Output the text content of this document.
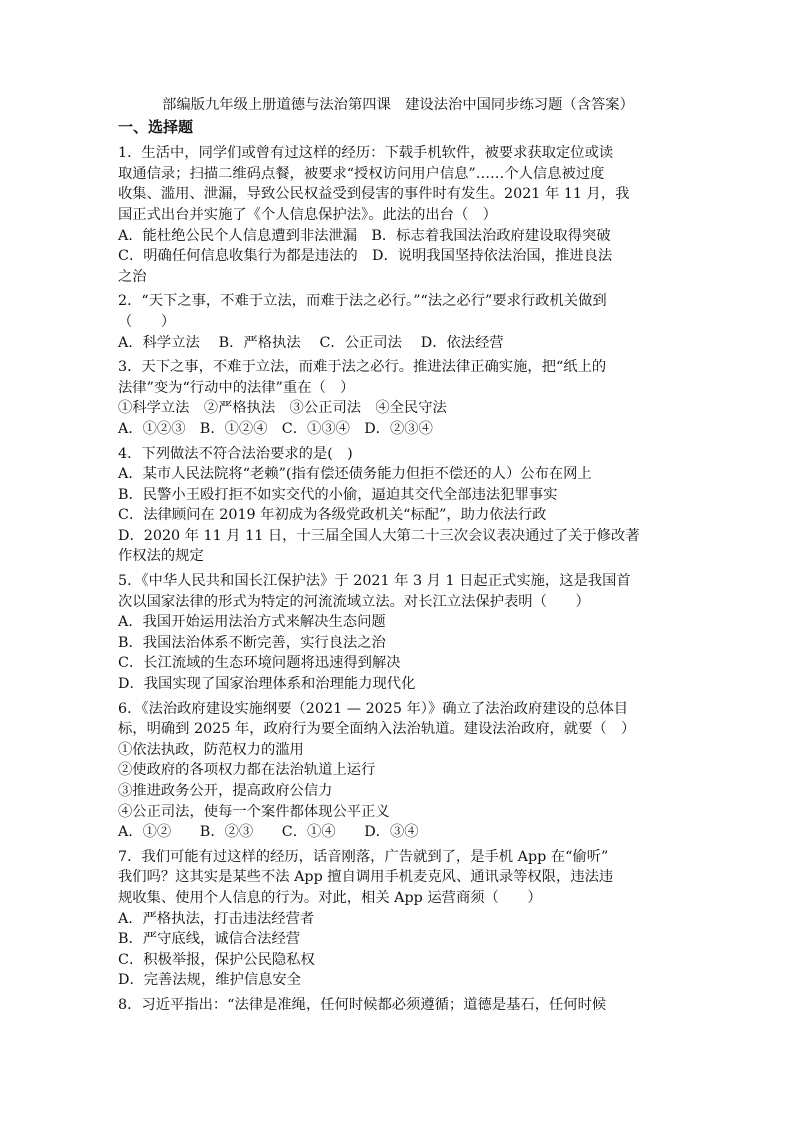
部编版九年级上册道德与法治第四课　建设法治中国同步练习题（含答案）
一、选择题
1．生活中，同学们或曾有过这样的经历：下载手机软件，被要求获取定位或读
取通信录；扫描二维码点餐，被要求“授权访问用户信息”……个人信息被过度
收集、滥用、泄漏，导致公民权益受到侵害的事件时有发生。2021 年 11 月，我
国正式出台并实施了《个人信息保护法》。此法的出台（　）
A．能杜绝公民个人信息遭到非法泄漏　B．标志着我国法治政府建设取得突破
C．明确任何信息收集行为都是违法的　D．说明我国坚持依法治国，推进良法
之治
2．“天下之事，不难于立法，而难于法之必行。”“法之必行”要求行政机关做到
（　　）
A．科学立法　 B．严格执法　 C．公正司法　 D．依法经营
3．天下之事，不难于立法，而难于法之必行。推进法律正确实施，把“纸上的
法律”变为“行动中的法律”重在（　）
①科学立法　②严格执法　③公正司法　④全民守法
A．①②③　B．①②④　C．①③④　D．②③④
4．下列做法不符合法治要求的是(　)
A．某市人民法院将“老赖”(指有偿还债务能力但拒不偿还的人）公布在网上
B．民警小王殴打拒不如实交代的小偷，逼迫其交代全部违法犯罪事实
C．法律顾问在 2019 年初成为各级党政机关“标配”，助力依法行政
D．2020 年 11 月 11 日，十三届全国人大第二十三次会议表决通过了关于修改著
作权法的规定
5．《中华人民共和国长江保护法》于 2021 年 3 月 1 日起正式实施，这是我国首
次以国家法律的形式为特定的河流流域立法。对长江立法保护表明（　　）
A．我国开始运用法治方式来解决生态问题
B．我国法治体系不断完善，实行良法之治
C．长江流域的生态环境问题将迅速得到解决
D．我国实现了国家治理体系和治理能力现代化
6．《法治政府建设实施纲要（2021 — 2025 年）》确立了法治政府建设的总体目
标，明确到 2025 年，政府行为要全面纳入法治轨道。建设法治政府，就要（　）
①依法执政，防范权力的滥用
②使政府的各项权力都在法治轨道上运行
③推进政务公开，提高政府公信力
④公正司法，使每一个案件都体现公平正义
A．①②　　B．②③　　C．①④　　D．③④
7．我们可能有过这样的经历，话音刚落，广告就到了，是手机 App 在“偷听”
我们吗？这其实是某些不法 App 擅自调用手机麦克风、通讯录等权限，违法违
规收集、使用个人信息的行为。对此，相关 App 运营商须（　　）
A．严格执法，打击违法经营者
B．严守底线，诚信合法经营
C．积极举报，保护公民隐私权
D．完善法规，维护信息安全
8．习近平指出：“法律是准绳，任何时候都必须遵循；道德是基石，任何时候
